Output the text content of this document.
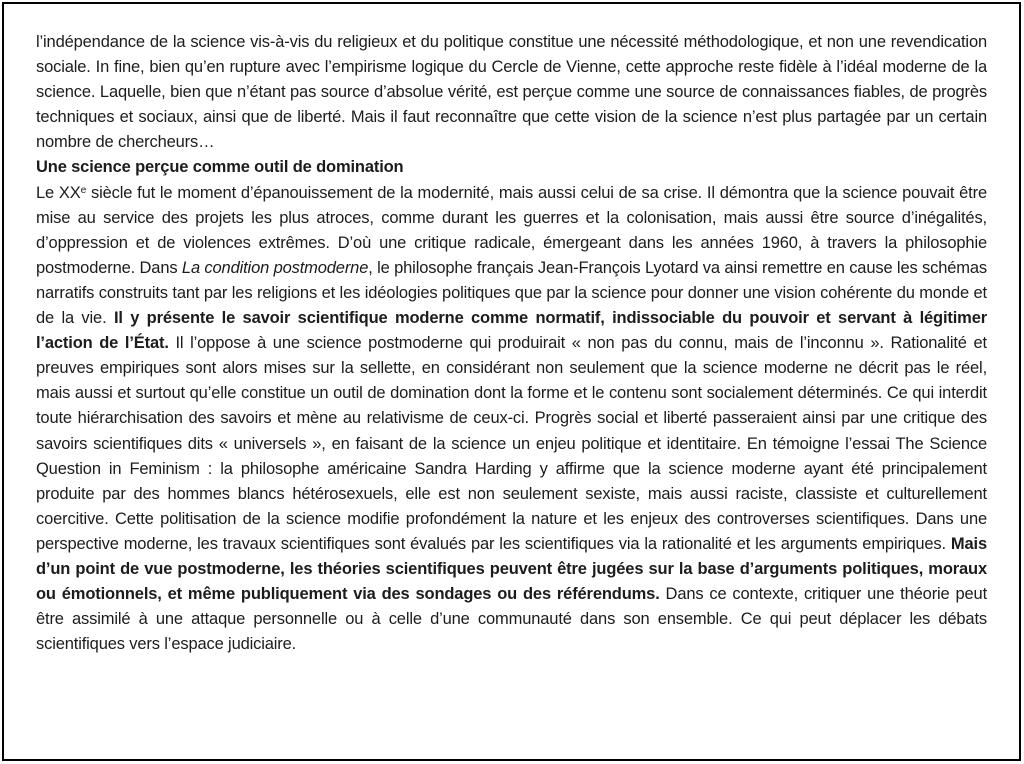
l’indépendance de la science vis-à-vis du religieux et du politique constitue une nécessité méthodologique, et non une revendication sociale. In fine, bien qu’en rupture avec l’empirisme logique du Cercle de Vienne, cette approche reste fidèle à l’idéal moderne de la science. Laquelle, bien que n’étant pas source d’absolue vérité, est perçue comme une source de connaissances fiables, de progrès techniques et sociaux, ainsi que de liberté. Mais il faut reconnaître que cette vision de la science n’est plus partagée par un certain nombre de chercheurs…

Une science perçue comme outil de domination

Le XXe siècle fut le moment d’épanouissement de la modernité, mais aussi celui de sa crise. Il démontra que la science pouvait être mise au service des projets les plus atroces, comme durant les guerres et la colonisation, mais aussi être source d’inégalités, d’oppression et de violences extrêmes. D’où une critique radicale, émergeant dans les années 1960, à travers la philosophie postmoderne. Dans La condition postmoderne, le philosophe français Jean-François Lyotard va ainsi remettre en cause les schémas narratifs construits tant par les religions et les idéologies politiques que par la science pour donner une vision cohérente du monde et de la vie. Il y présente le savoir scientifique moderne comme normatif, indissociable du pouvoir et servant à légitimer l’action de l’État. Il l’oppose à une science postmoderne qui produirait « non pas du connu, mais de l’inconnu ». Rationalité et preuves empiriques sont alors mises sur la sellette, en considérant non seulement que la science moderne ne décrit pas le réel, mais aussi et surtout qu’elle constitue un outil de domination dont la forme et le contenu sont socialement déterminés. Ce qui interdit toute hiérarchisation des savoirs et mène au relativisme de ceux-ci. Progrès social et liberté passeraient ainsi par une critique des savoirs scientifiques dits « universels », en faisant de la science un enjeu politique et identitaire. En témoigne l’essai The Science Question in Feminism : la philosophe américaine Sandra Harding y affirme que la science moderne ayant été principalement produite par des hommes blancs hétérosexuels, elle est non seulement sexiste, mais aussi raciste, classiste et culturellement coercitive. Cette politisation de la science modifie profondément la nature et les enjeux des controverses scientifiques. Dans une perspective moderne, les travaux scientifiques sont évalués par les scientifiques via la rationalité et les arguments empiriques. Mais d’un point de vue postmoderne, les théories scientifiques peuvent être jugées sur la base d’arguments politiques, moraux ou émotionnels, et même publiquement via des sondages ou des référendums. Dans ce contexte, critiquer une théorie peut être assimilé à une attaque personnelle ou à celle d’une communauté dans son ensemble. Ce qui peut déplacer les débats scientifiques vers l’espace judiciaire.
